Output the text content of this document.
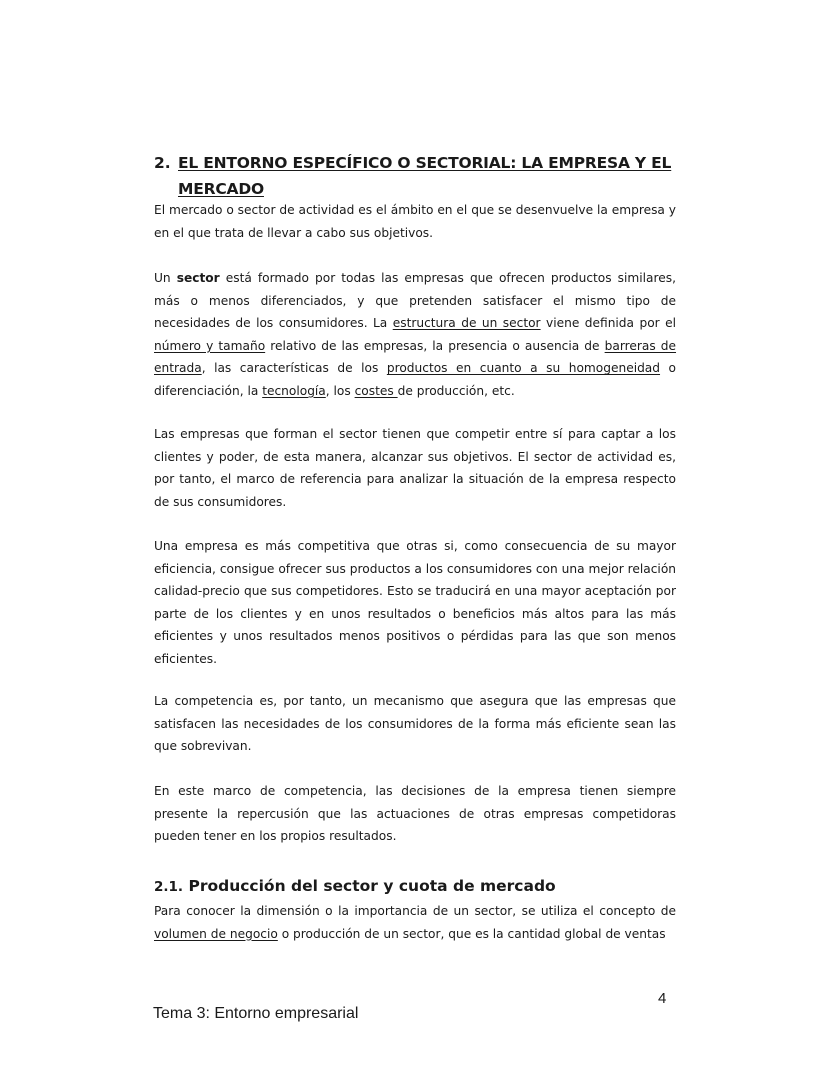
2. EL ENTORNO ESPECÍFICO O SECTORIAL: LA EMPRESA Y EL MERCADO

El mercado o sector de actividad es el ámbito en el que se desenvuelve la empresa y en el que trata de llevar a cabo sus objetivos.

Un sector está formado por todas las empresas que ofrecen productos similares, más o menos diferenciados, y que pretenden satisfacer el mismo tipo de necesidades de los consumidores. La estructura de un sector viene definida por el número y tamaño relativo de las empresas, la presencia o ausencia de barreras de entrada, las características de los productos en cuanto a su homogeneidad o diferenciación, la tecnología, los costes de producción, etc.

Las empresas que forman el sector tienen que competir entre sí para captar a los clientes y poder, de esta manera, alcanzar sus objetivos. El sector de actividad es, por tanto, el marco de referencia para analizar la situación de la empresa respecto de sus consumidores.

Una empresa es más competitiva que otras si, como consecuencia de su mayor eficiencia, consigue ofrecer sus productos a los consumidores con una mejor relación calidad-precio que sus competidores. Esto se traducirá en una mayor aceptación por parte de los clientes y en unos resultados o beneficios más altos para las más eficientes y unos resultados menos positivos o pérdidas para las que son menos eficientes.

La competencia es, por tanto, un mecanismo que asegura que las empresas que satisfacen las necesidades de los consumidores de la forma más eficiente sean las que sobrevivan.

En este marco de competencia, las decisiones de la empresa tienen siempre presente la repercusión que las actuaciones de otras empresas competidoras pueden tener en los propios resultados.

2.1. Producción del sector y cuota de mercado

Para conocer la dimensión o la importancia de un sector, se utiliza el concepto de volumen de negocio o producción de un sector, que es la cantidad global de ventas

4
Tema 3: Entorno empresarial
